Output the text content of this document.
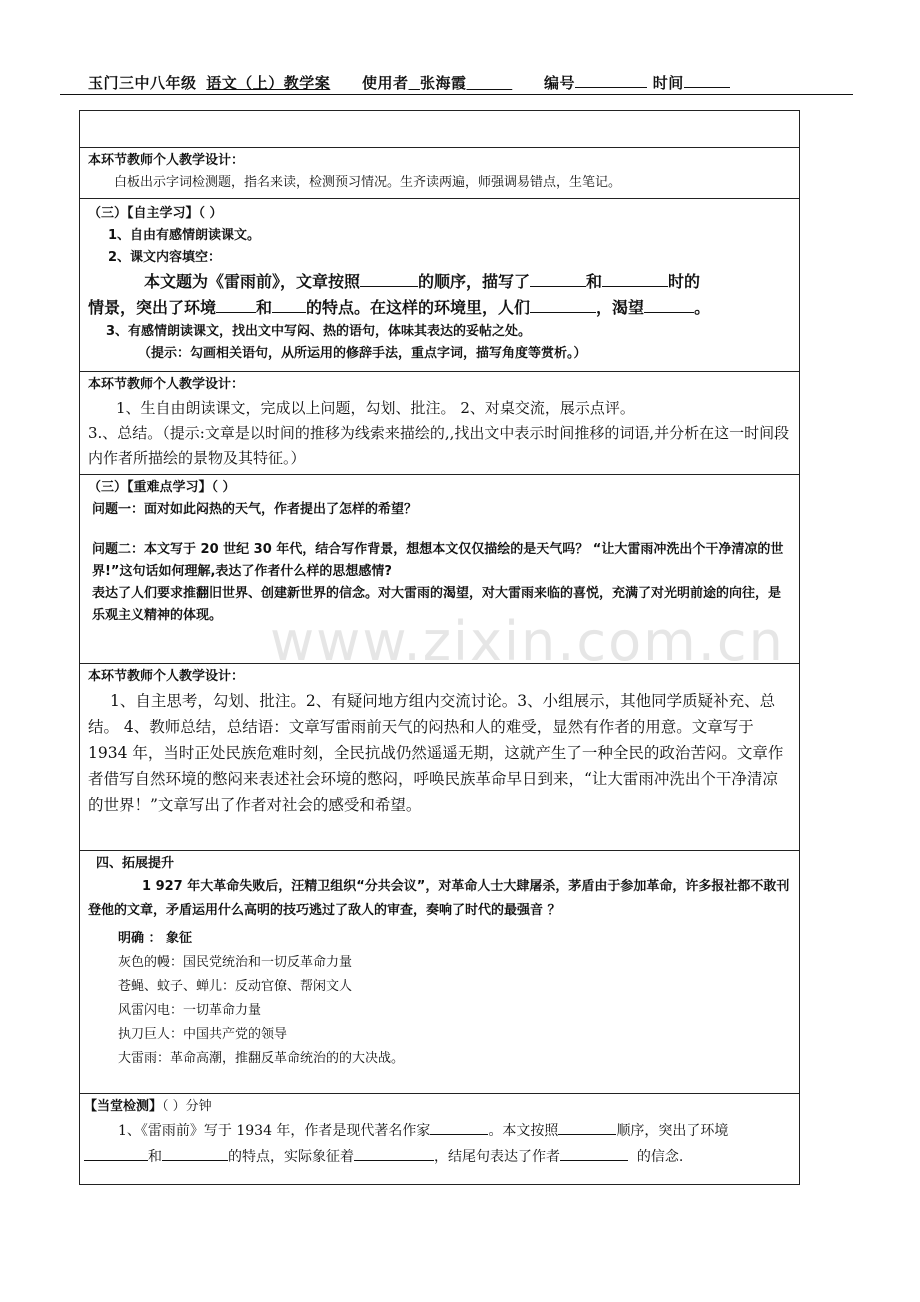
玉门三中八年级 语文（上）教学案 使用者 张海霞	编号	时间

本环节教师个人教学设计：

白板出示字词检测题，指名来读，检测预习情况。生齐读两遍，师强调易错点，生笔记。

（三）【自主学习】（ ）

1、自由有感情朗读课文。

2、课文内容填空：

本文题为《雷雨前》，文章按照	的顺序，描写了	和	时的

情景，突出了环境	和 的特点。在这样的环境里，人们	，渴望	。

3、有感情朗读课文，找出文中写闷、热的语句，体味其表达的妥帖之处。

（提示：勾画相关语句，从所运用的修辞手法，重点字词，描写角度等赏析。）

本环节教师个人教学设计：

1、生自由朗读课文，完成以上问题，勾划、批注。 2、对桌交流，展示点评。

3.、总结。（提示:文章是以时间的推移为线索来描绘的,,找出文中表示时间推移的词语,并分析在这一时间段内作者所描绘的景物及其特征。）

（三）【重难点学习】（ ）

问题一：面对如此闷热的天气，作者提出了怎样的希望？

问题二：本文写于 20 世纪 30 年代，结合写作背景，想想本文仅仅描绘的是天气吗？ “让大雷雨冲洗出个干净清凉的世界!”这句话如何理解,表达了作者什么样的思想感情?

表达了人们要求推翻旧世界、创建新世界的信念。对大雷雨的渴望，对大雷雨来临的喜悦，充满了对光明前途的向往，是乐观主义精神的体现。

本环节教师个人教学设计：

1、自主思考，勾划、批注。2、有疑问地方组内交流讨论。3、小组展示，其他同学质疑补充、总结。 4、教师总结，总结语：文章写雷雨前天气的闷热和人的难受，显然有作者的用意。文章写于 1934 年，当时正处民族危难时刻，全民抗战仍然遥遥无期，这就产生了一种全民的政治苦闷。文章作者借写自然环境的憋闷来表述社会环境的憋闷，呼唤民族革命早日到来，“让大雷雨冲洗出个干净清凉的世界！”文章写出了作者对社会的感受和希望。

四、拓展提升

1 927 年大革命失败后，汪精卫组织“分共会议”，对革命人士大肆屠杀，茅盾由于参加革命，许多报社都不敢刊登他的文章，矛盾运用什么高明的技巧逃过了敌人的审查，奏响了时代的最强音 ？

明确 ： 象征

灰色的幔：国民党统治和一切反革命力量

苍蝇、蚊子、蝉儿：反动官僚、帮闲文人

风雷闪电：一切革命力量

执刀巨人：中国共产党的领导

大雷雨：革命高潮，推翻反革命统治的的大决战。

【当堂检测】（ ）分钟

1、《雷雨前》写于 1934 年，作者是现代著名作家	。本文按照	顺序，突出了环境

和	的特点，实际象征着	，结尾句表达了作者	的信念.

www.zixin.com.cn
